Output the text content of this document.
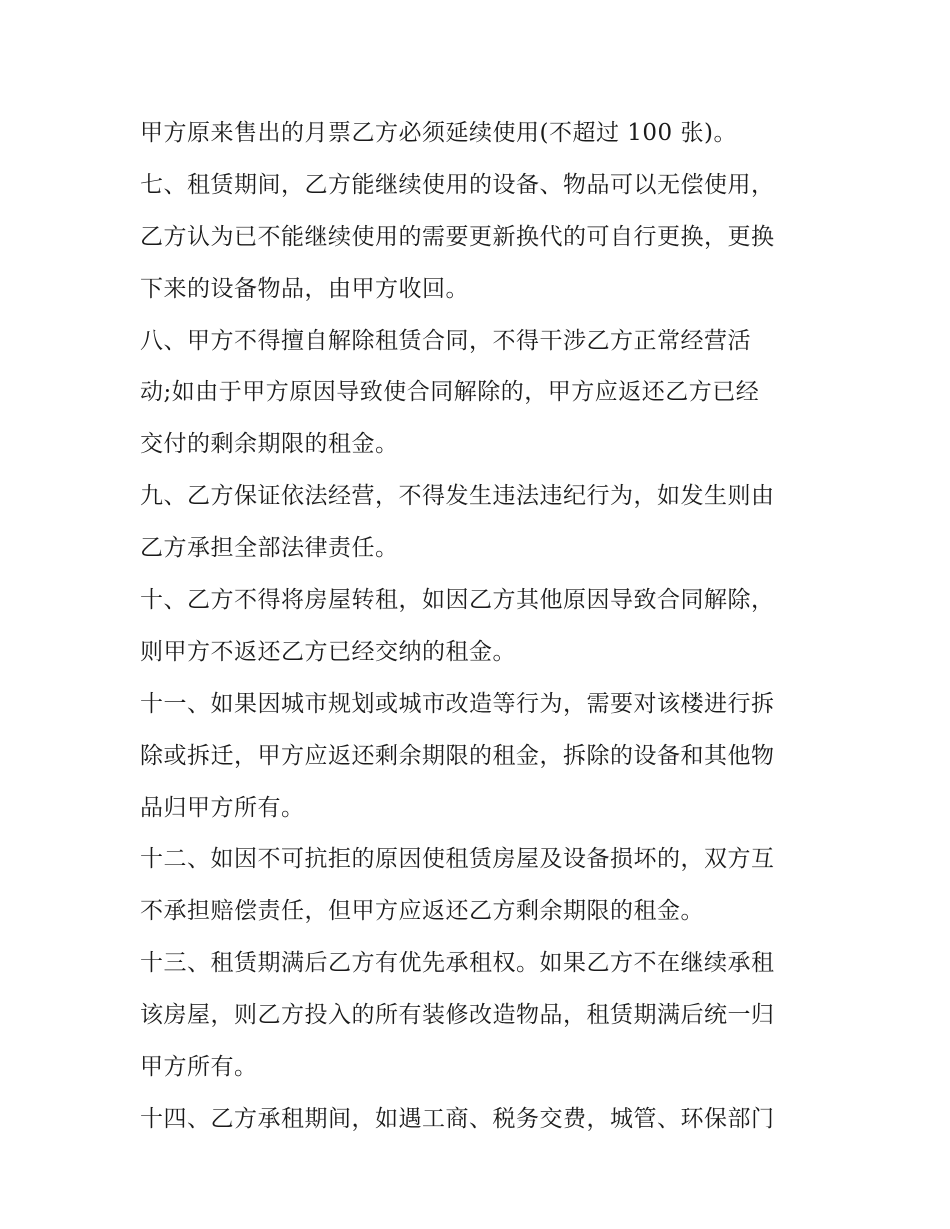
甲方原来售出的月票乙方必须延续使用(不超过 100 张)。
七、租赁期间，乙方能继续使用的设备、物品可以无偿使用，
乙方认为已不能继续使用的需要更新换代的可自行更换，更换
下来的设备物品，由甲方收回。
八、甲方不得擅自解除租赁合同，不得干涉乙方正常经营活
动;如由于甲方原因导致使合同解除的，甲方应返还乙方已经
交付的剩余期限的租金。
九、乙方保证依法经营，不得发生违法违纪行为，如发生则由
乙方承担全部法律责任。
十、乙方不得将房屋转租，如因乙方其他原因导致合同解除，
则甲方不返还乙方已经交纳的租金。
十一、如果因城市规划或城市改造等行为，需要对该楼进行拆
除或拆迁，甲方应返还剩余期限的租金，拆除的设备和其他物
品归甲方所有。
十二、如因不可抗拒的原因使租赁房屋及设备损坏的，双方互
不承担赔偿责任，但甲方应返还乙方剩余期限的租金。
十三、租赁期满后乙方有优先承租权。如果乙方不在继续承租
该房屋，则乙方投入的所有装修改造物品，租赁期满后统一归
甲方所有。
十四、乙方承租期间，如遇工商、税务交费，城管、环保部门
